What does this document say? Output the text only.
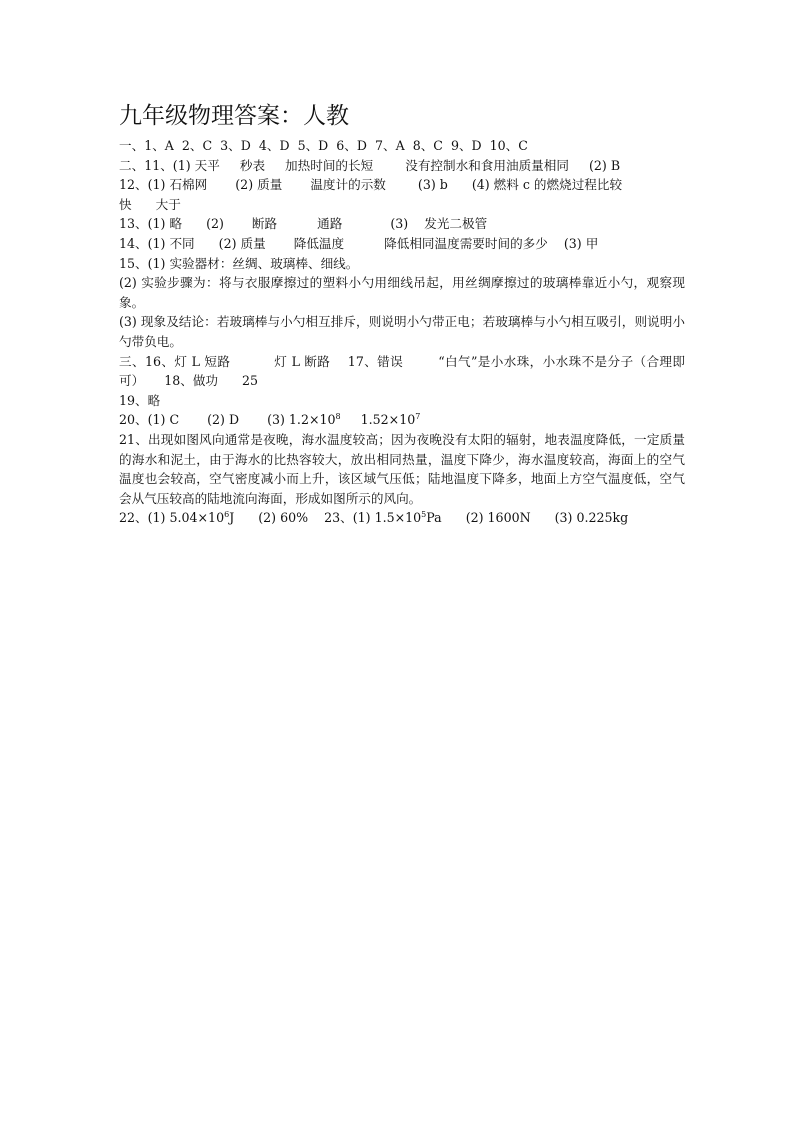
九年级物理答案：人教
一、1、A  2、C  3、D  4、D  5、D  6、D  7、A  8、C  9、D  10、C
二、11、(1) 天平     秒表     加热时间的长短        没有控制水和食用油质量相同     (2) B
12、(1) 石棉网       (2) 质量       温度计的示数        (3) b      (4) 燃料 c 的燃烧过程比较
快      大于
13、(1) 略      (2)       断路          通路            (3)    发光二极管
14、(1) 不同      (2) 质量       降低温度          降低相同温度需要时间的多少    (3) 甲
15、(1) 实验器材：丝绸、玻璃棒、细线。
(2) 实验步骤为：将与衣服摩擦过的塑料小勺用细线吊起，用丝绸摩擦过的玻璃棒靠近小勺，观察现象。
(3) 现象及结论：若玻璃棒与小勺相互排斥，则说明小勺带正电；若玻璃棒与小勺相互吸引，则说明小勺带负电。
三、16、灯 L 短路          灯 L 断路    17、错误        “白气”是小水珠，小水珠不是分子（合理即可）     18、做功      25
19、略
20、(1) C       (2) D       (3) $1.2\times 10^8$     $1.52\times 10^7$
21、出现如图风向通常是夜晚，海水温度较高；因为夜晚没有太阳的辐射，地表温度降低，一定质量的海水和泥土，由于海水的比热容较大，放出相同热量，温度下降少，海水温度较高，海面上的空气温度也会较高，空气密度减小而上升，该区域气压低；陆地温度下降多，地面上方空气温度低，空气会从气压较高的陆地流向海面，形成如图所示的风向。
22、(1) $5.04\times 10^6J$      (2) 60%    23、(1) $1.5\times 10^5Pa$      (2) 1600N      (3) 0.225kg
